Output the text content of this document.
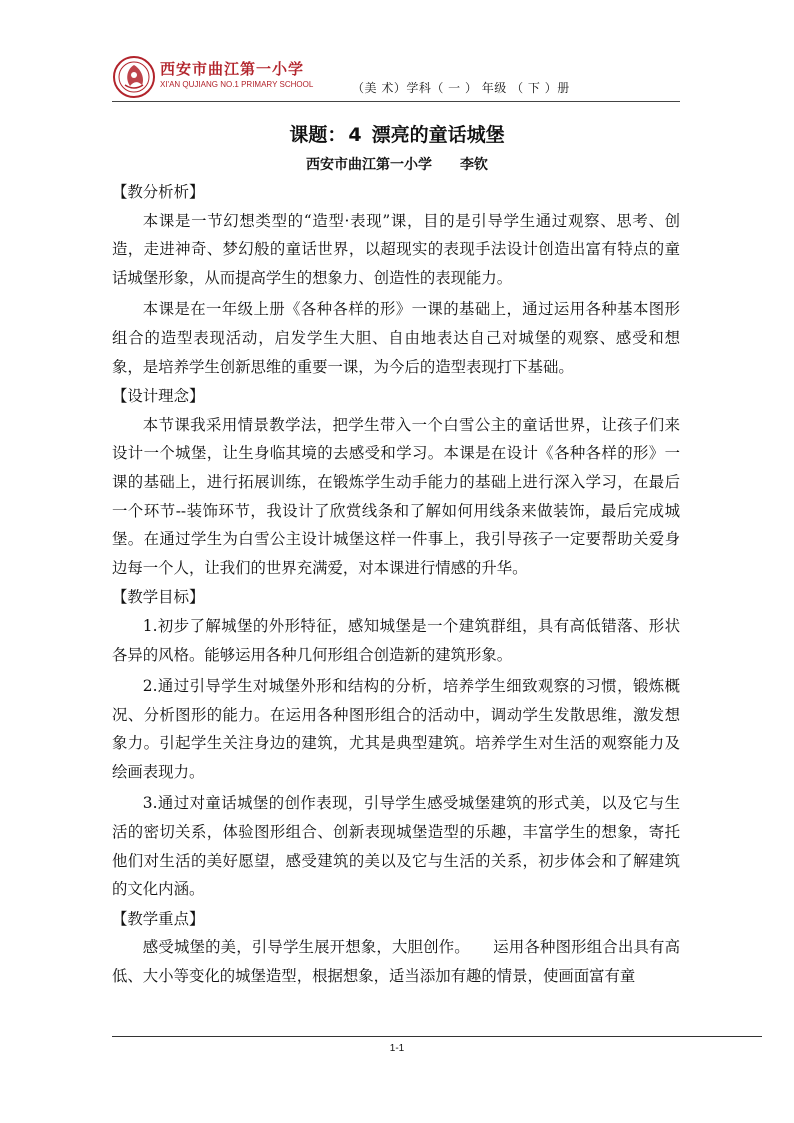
西安市曲江第一小学
XI'AN QUJIANG NO.1 PRIMARY SCHOOL	（美 术）学科（ 一 ） 年级 （ 下 ）册
课题： 4 漂亮的童话城堡
西安市曲江第一小学 李钦

【教分析析】

本课是一节幻想类型的“造型·表现”课，目的是引导学生通过观察、思考、创造，走进神奇、梦幻般的童话世界，以超现实的表现手法设计创造出富有特点的童话城堡形象，从而提高学生的想象力、创造性的表现能力。

本课是在一年级上册《各种各样的形》一课的基础上，通过运用各种基本图形组合的造型表现活动，启发学生大胆、自由地表达自己对城堡的观察、感受和想象，是培养学生创新思维的重要一课，为今后的造型表现打下基础。

【设计理念】

本节课我采用情景教学法，把学生带入一个白雪公主的童话世界，让孩子们来设计一个城堡，让生身临其境的去感受和学习。本课是在设计《各种各样的形》一课的基础上，进行拓展训练，在锻炼学生动手能力的基础上进行深入学习，在最后一个环节--装饰环节，我设计了欣赏线条和了解如何用线条来做装饰，最后完成城堡。在通过学生为白雪公主设计城堡这样一件事上，我引导孩子一定要帮助关爱身边每一个人，让我们的世界充满爱，对本课进行情感的升华。

【教学目标】

1.初步了解城堡的外形特征，感知城堡是一个建筑群组，具有高低错落、形状各异的风格。能够运用各种几何形组合创造新的建筑形象。

2.通过引导学生对城堡外形和结构的分析，培养学生细致观察的习惯，锻炼概况、分析图形的能力。在运用各种图形组合的活动中，调动学生发散思维，激发想象力。引起学生关注身边的建筑，尤其是典型建筑。培养学生对生活的观察能力及绘画表现力。

3.通过对童话城堡的创作表现，引导学生感受城堡建筑的形式美，以及它与生活的密切关系，体验图形组合、创新表现城堡造型的乐趣，丰富学生的想象，寄托他们对生活的美好愿望，感受建筑的美以及它与生活的关系，初步体会和了解建筑的文化内涵。

【教学重点】

感受城堡的美，引导学生展开想象，大胆创作。　　运用各种图形组合出具有高低、大小等变化的城堡造型，根据想象，适当添加有趣的情景，使画面富有童

1-1
